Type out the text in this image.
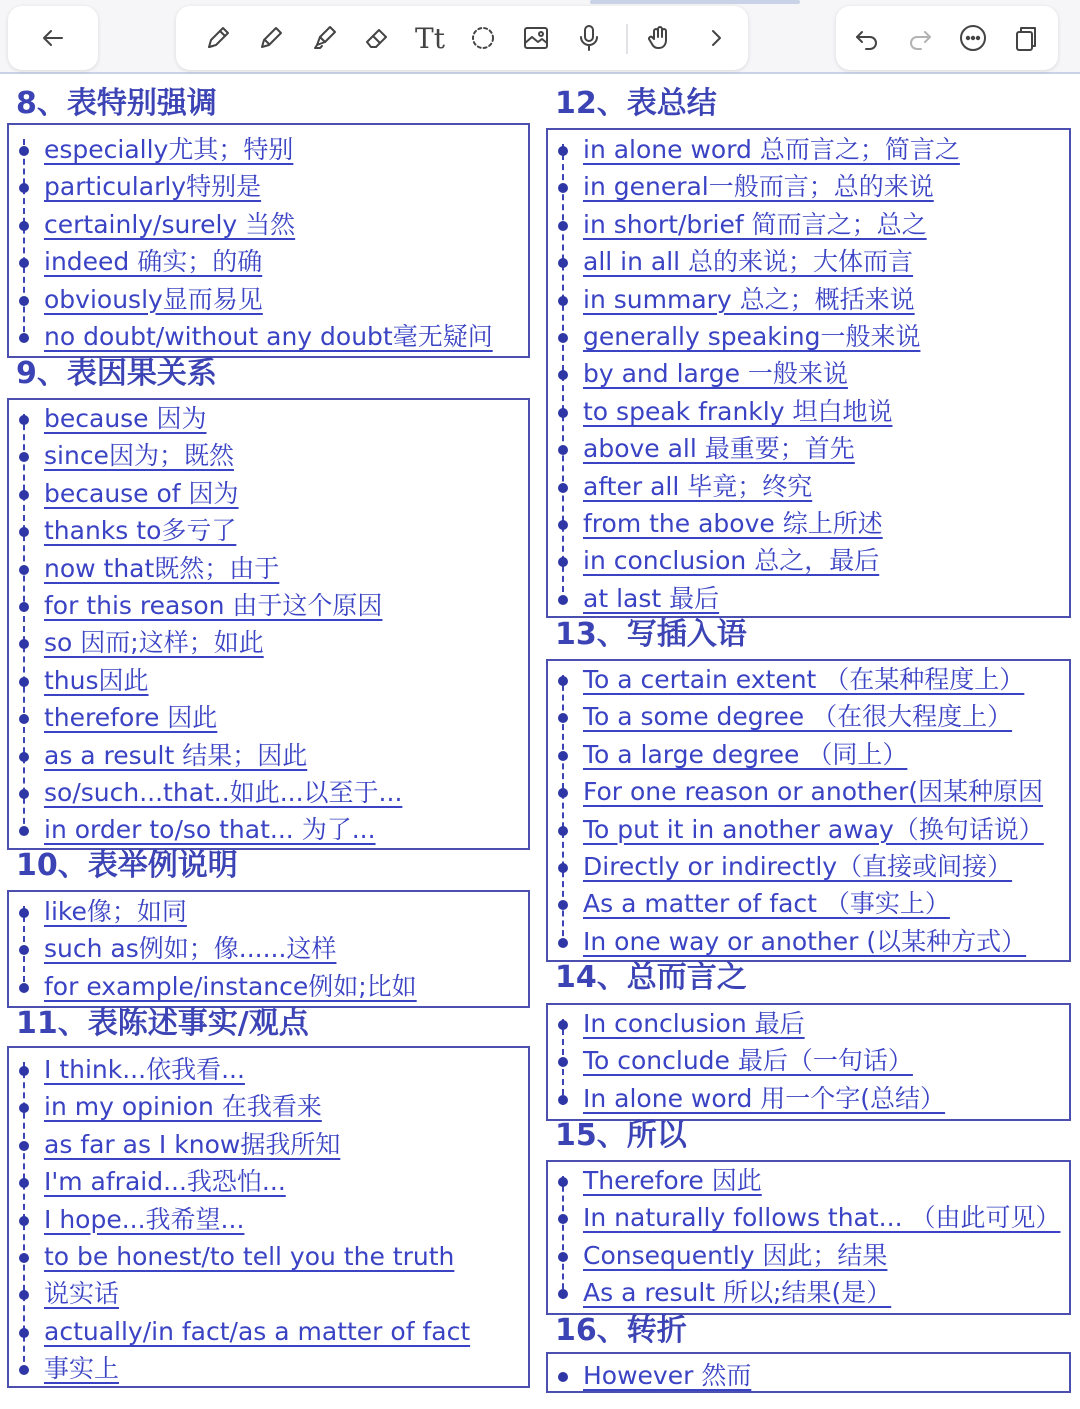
Tt
8、表特别强调
especially尤其；特别
particularly特别是
certainly/surely 当然
indeed 确实；的确
obviously显而易见
no doubt/without any doubt毫无疑问
9、表因果关系
because 因为
since因为；既然
because of 因为
thanks to多亏了
now that既然；由于
for this reason 由于这个原因
so 因而;这样；如此
thus因此
therefore 因此
as a result 结果；因此
so/such...that..如此...以至于...
in order to/so that... 为了...
10、表举例说明
like像；如同
such as例如；像......这样
for example/instance例如;比如
11、表陈述事实/观点
I think...依我看...
in my opinion 在我看来
as far as I know据我所知
I'm afraid...我恐怕...
I hope...我希望...
to be honest/to tell you the truth
说实话
actually/in fact/as a matter of fact
事实上
12、表总结
in alone word 总而言之；简言之
in general一般而言；总的来说
in short/brief 简而言之；总之
all in all 总的来说；大体而言
in summary 总之；概括来说
generally speaking一般来说
by and large 一般来说
to speak frankly 坦白地说
above all 最重要；首先
after all 毕竟；终究
from the above 综上所述
in conclusion 总之，最后
at last 最后
13、写插入语
To a certain extent （在某种程度上）
To a some degree （在很大程度上）
To a large degree （同上）
For one reason or another(因某种原因
To put it in another away（换句话说）
Directly or indirectly（直接或间接）
As a matter of fact （事实上）
In one way or another (以某种方式）
14、总而言之
In conclusion 最后
To conclude 最后（一句话）
In alone word 用一个字(总结）
15、所以
Therefore 因此
In naturally follows that... （由此可见）
Consequently 因此；结果
As a result 所以;结果(是）
16、转折
However 然而
